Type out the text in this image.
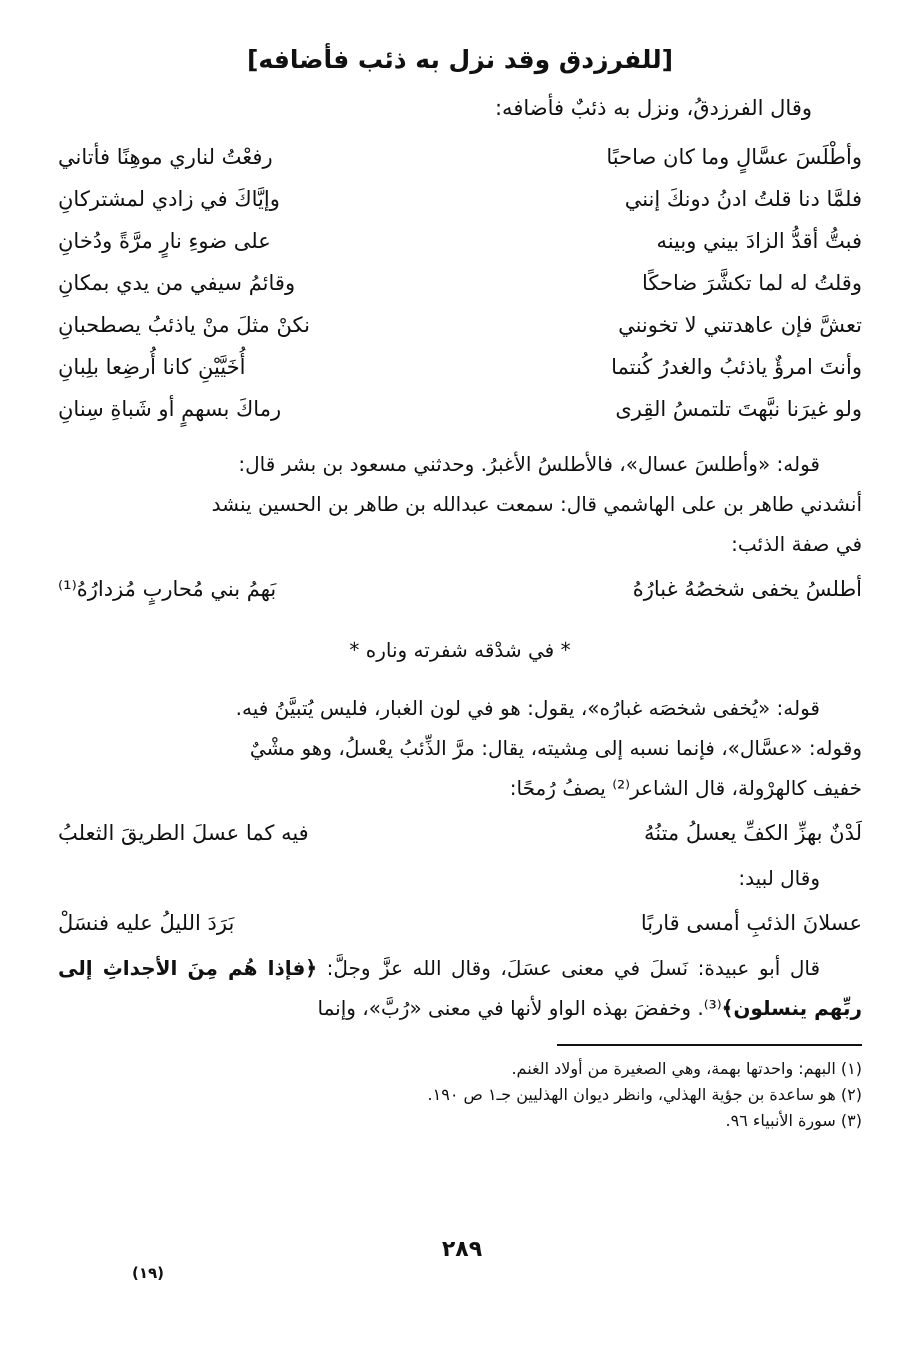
[للفرزدق وقد نزل به ذئب فأضافه]
وقال الفرزدقُ، ونزل به ذئبٌ فأضافه:
وأطْلَسَ عسَّالٍ وما كان صاحبًا
رفعْتُ لناري موهِنًا فأتاني
فلمَّا دنا قلتُ ادنُ دونكَ إنني
وإيَّاكَ في زادي لمشتركانِ
فبتُّ أقدُّ الزادَ بيني وبينه
على ضوءِ نارٍ مرَّةً ودُخانِ
وقلتُ له لما تكشَّرَ ضاحكًا
وقائمُ سيفي من يدي بمكانِ
تعشَّ فإن عاهدتني لا تخونني
نكنْ مثلَ منْ ياذئبُ يصطحبانِ
وأنتَ امرؤٌ ياذئبُ والغدرُ كُنتما
أُخَيَّيْنِ كانا أُرضِعا بلِبانِ
ولو غيرَنا نبَّهتَ تلتمسُ القِرى
رماكَ بسهمٍ أو شَباةِ سِنانِ

قوله: «وأطلسَ عسال»، فالأطلسُ الأغبرُ. وحدثني مسعود بن بشر قال:

أنشدني طاهر بن على الهاشمي قال: سمعت عبدالله بن طاهر بن الحسين ينشد

في صفة الذئب:

أطلسُ يخفى شخصُهُ غبارُهُ
بَهمُ بني مُحاربٍ مُزدارُهُ⁽¹⁾
* في شدْقه شفرته وناره *

قوله: «يُخفى شخصَه غبارُه»، يقول: هو في لون الغبار، فليس يُتبيَّنُ فيه.

وقوله: «عسَّال»، فإنما نسبه إلى مِشيته، يقال: مرَّ الذِّئبُ يعْسلُ، وهو مشْيٌ

خفيف كالهرْولة، قال الشاعر⁽²⁾ يصفُ رُمحًا:

لَدْنٌ بهزِّ الكفِّ يعسلُ متنُهُ
فيه كما عسلَ الطريقَ الثعلبُ

وقال لبيد:

عسلانَ الذئبِ أمسى قاربًا
بَرَدَ الليلُ عليه فنسَلْ

قال أبو عبيدة: نَسلَ في معنى عسَلَ، وقال الله عزَّ وجلَّ: ﴿فإذا هُم مِنَ الأجداثِ إلى ربِّهم ينسلون﴾⁽³⁾. وخفضَ بهذه الواو لأنها في معنى «رُبَّ»، وإنما

(١) البهم: واحدتها بهمة، وهي الصغيرة من أولاد الغنم.

(٢) هو ساعدة بن جؤية الهذلي، وانظر ديوان الهذليين جـ١ ص ١٩٠.

(٣) سورة الأنبياء ٩٦.

٢٨٩
(١٩)
